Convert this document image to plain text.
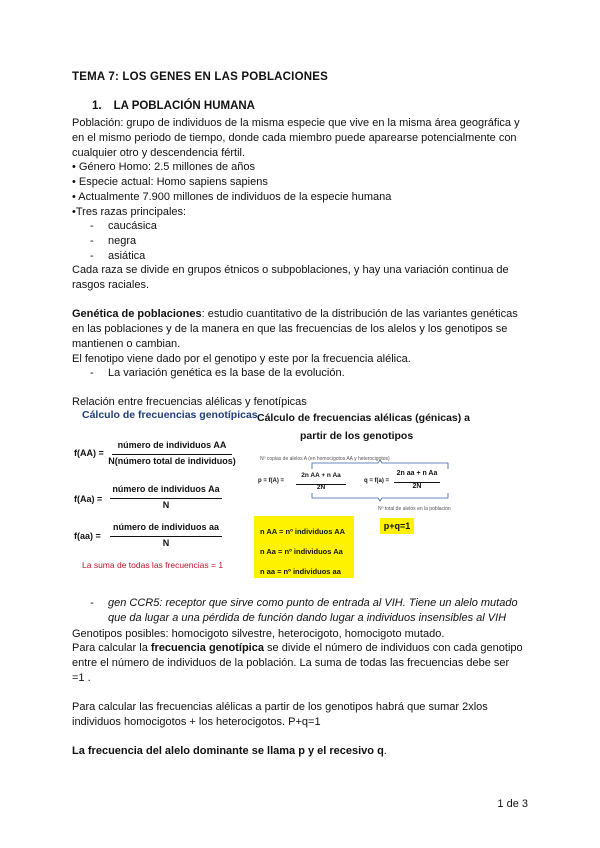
TEMA 7: LOS GENES EN LAS POBLACIONES
1. LA POBLACIÓN HUMANA
Población: grupo de individuos de la misma especie que vive en la misma área geográfica y
en el mismo periodo de tiempo, donde cada miembro puede aparearse potencialmente con
cualquier otro y descendencia fértil.
• Género Homo: 2.5 millones de años
• Especie actual: Homo sapiens sapiens
• Actualmente 7.900 millones de individuos de la especie humana
•Tres razas principales:
- caucásica
- negra
- asiática
Cada raza se divide en grupos étnicos o subpoblaciones, y hay una variación continua de
rasgos raciales.
Genética de poblaciones: estudio cuantitativo de la distribución de las variantes genéticas
en las poblaciones y de la manera en que las frecuencias de los alelos y los genotipos se
mantienen o cambian.
El fenotipo viene dado por el genotipo y este por la frecuencia alélica.
- La variación genética es la base de la evolución.
Relación entre frecuencias alélicas y fenotípicas
Cálculo de frecuencias genotípicas Cálculo de frecuencias alélicas (génicas) a
partir de los genotipos
f(AA) =
número de individuos AA
N(número total de individuos)
f(Aa) =
número de individuos Aa
N
f(aa) =
número de individuos aa
N
La suma de todas las frecuencias = 1
Nº copias de alelos A (en homocigotos AA y heterocigotos)
p = f(A) =
2n AA + n Aa
2N
q = f(a) =
2n aa + n Aa
2N
Nº total de alelos en la población
n AA = nº individuos AA
n Aa = nº individuos Aa
n aa = nº individuos aa
p+q=1
- gen CCR5: receptor que sirve como punto de entrada al VIH. Tiene un alelo mutado
que da lugar a una pérdida de función dando lugar a individuos insensibles al VIH
Genotipos posibles: homocigoto silvestre, heterocigoto, homocigoto mutado.
Para calcular la frecuencia genotípica se divide el número de individuos con cada genotipo
entre el número de individuos de la población. La suma de todas las frecuencias debe ser
=1 .
Para calcular las frecuencias alélicas a partir de los genotipos habrá que sumar 2xlos
individuos homocigotos + los heterocigotos. P+q=1
La frecuencia del alelo dominante se llama p y el recesivo q.
1 de 3
